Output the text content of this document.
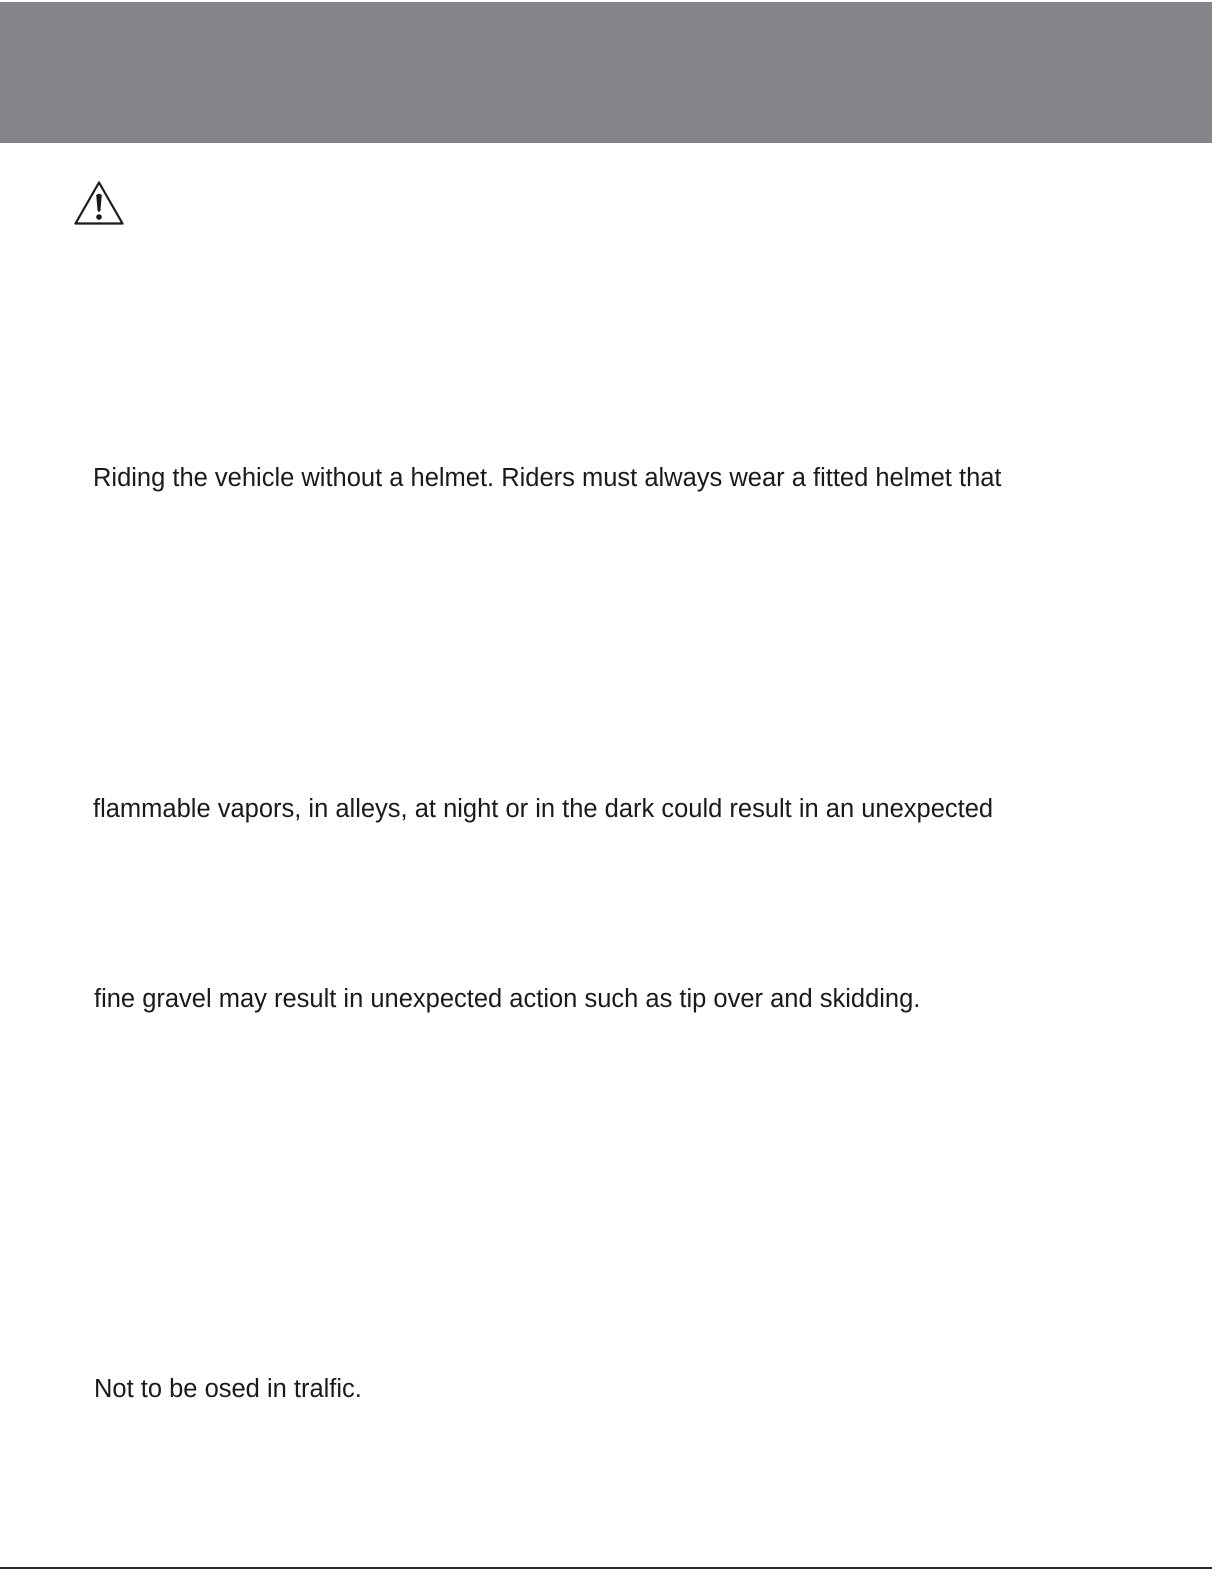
Riding the vehicle without a helmet. Riders must always wear a fitted helmet that
flammable vapors, in alleys, at night or in the dark could result in an unexpected
fine gravel may result in unexpected action such as tip over and skidding.
Not to be osed in tralfic.
